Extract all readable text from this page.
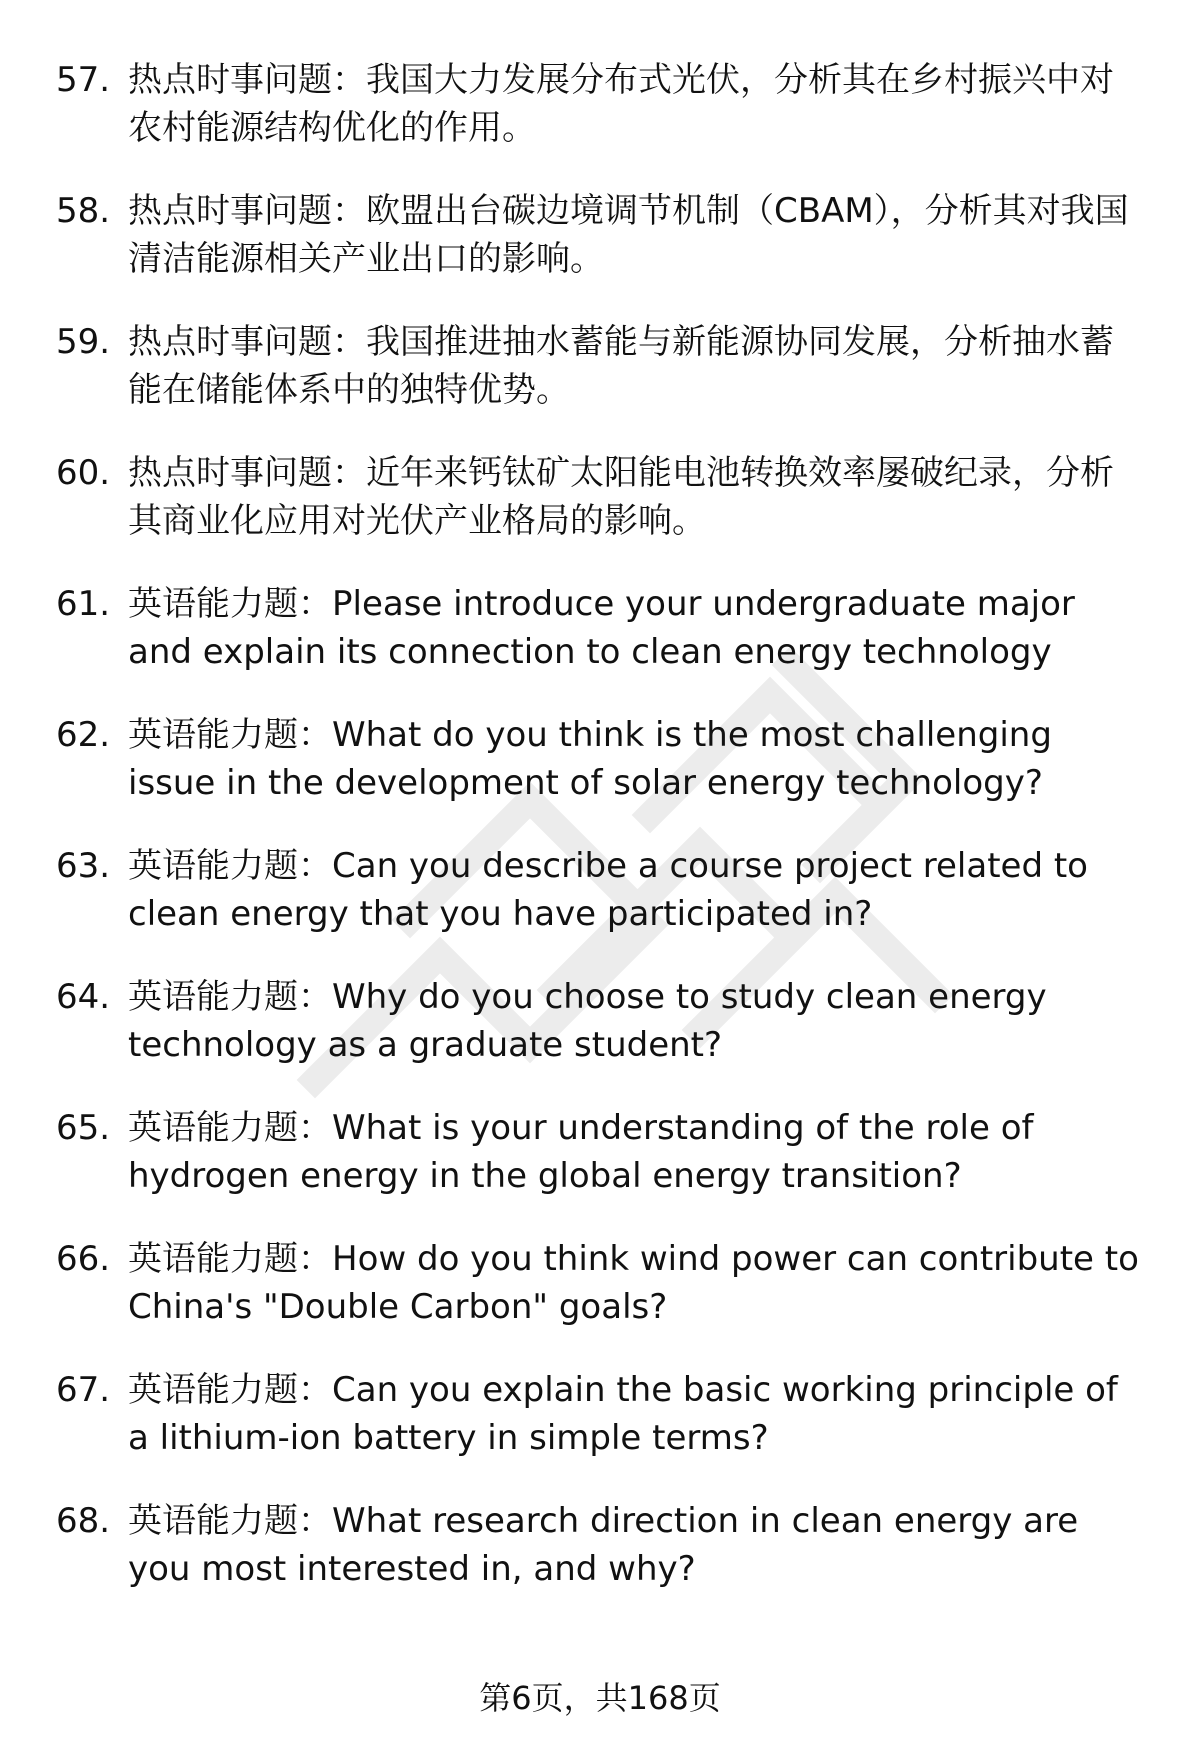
57. 热点时事问题：我国大力发展分布式光伏，分析其在乡村振兴中对农村能源结构优化的作用。
58. 热点时事问题：欧盟出台碳边境调节机制（CBAM），分析其对我国清洁能源相关产业出口的影响。
59. 热点时事问题：我国推进抽水蓄能与新能源协同发展，分析抽水蓄能在储能体系中的独特优势。
60. 热点时事问题：近年来钙钛矿太阳能电池转换效率屡破纪录，分析其商业化应用对光伏产业格局的影响。
61. 英语能力题：Please introduce your undergraduate major and explain its connection to clean energy technology
62. 英语能力题：What do you think is the most challenging issue in the development of solar energy technology?
63. 英语能力题：Can you describe a course project related to clean energy that you have participated in?
64. 英语能力题：Why do you choose to study clean energy technology as a graduate student?
65. 英语能力题：What is your understanding of the role of hydrogen energy in the global energy transition?
66. 英语能力题：How do you think wind power can contribute to China's "Double Carbon" goals?
67. 英语能力题：Can you explain the basic working principle of a lithium-ion battery in simple terms?
68. 英语能力题：What research direction in clean energy are you most interested in, and why?
第6页，共168页
